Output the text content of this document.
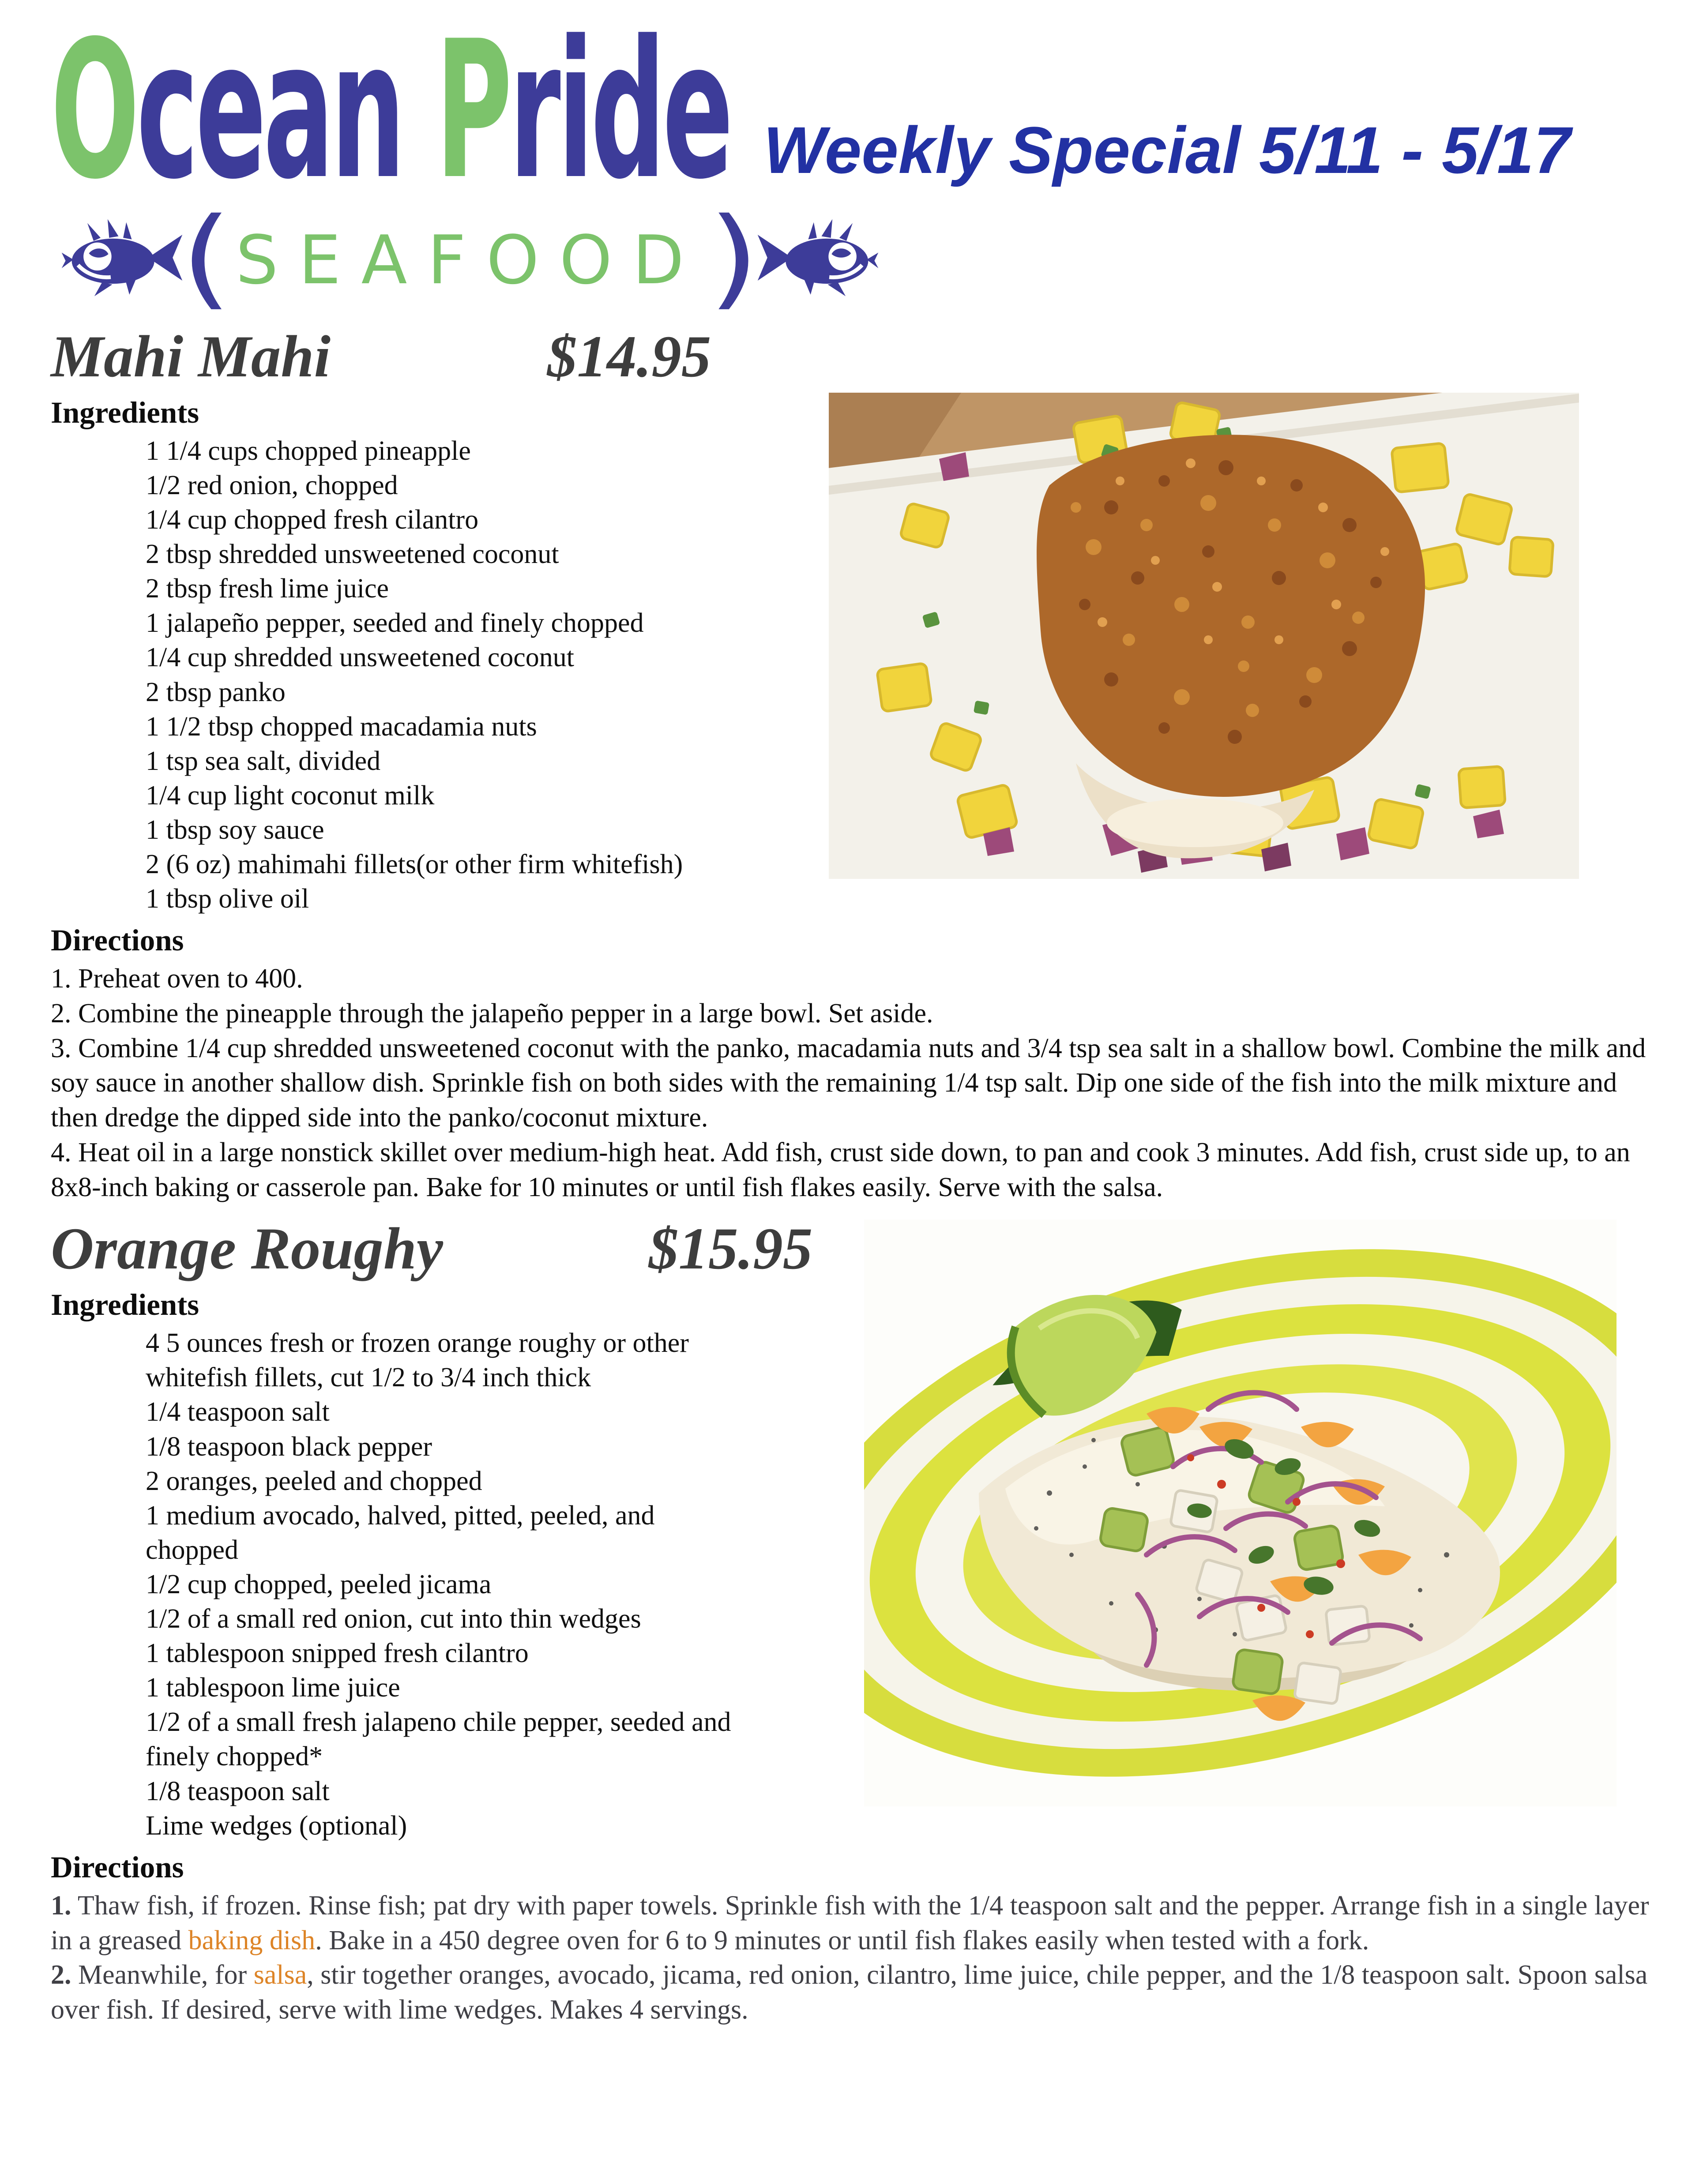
Ocean Pride
( SEAFOOD )
Weekly Special 5/11 - 5/17
Mahi Mahi	$14.95
Ingredients
1 1/4 cups chopped pineapple
1/2 red onion, chopped
1/4 cup chopped fresh cilantro
2 tbsp shredded unsweetened coconut
2 tbsp fresh lime juice
1 jalapeño pepper, seeded and finely chopped
1/4 cup shredded unsweetened coconut
2 tbsp panko
1 1/2 tbsp chopped macadamia nuts
1 tsp sea salt, divided
1/4 cup light coconut milk
1 tbsp soy sauce
2 (6 oz) mahimahi fillets(or other firm whitefish)
1 tbsp olive oil
Directions

1. Preheat oven to 400.

2. Combine the pineapple through the jalapeño pepper in a large bowl. Set aside.

3. Combine 1/4 cup shredded unsweetened coconut with the panko, macadamia nuts and 3/4 tsp sea salt in a shallow bowl. Combine the milk and soy sauce in another shallow dish. Sprinkle fish on both sides with the remaining 1/4 tsp salt. Dip one side of the fish into the milk mixture and then dredge the dipped side into the panko/coconut mixture.

4. Heat oil in a large nonstick skillet over medium-high heat. Add fish, crust side down, to pan and cook 3 minutes. Add fish, crust side up, to an 8x8-inch baking or casserole pan. Bake for 10 minutes or until fish flakes easily. Serve with the salsa.

Orange Roughy	$15.95
Ingredients
4 5 ounces fresh or frozen orange roughy or other whitefish fillets, cut 1/2 to 3/4 inch thick
1/4 teaspoon salt
1/8 teaspoon black pepper
2 oranges, peeled and chopped
1 medium avocado, halved, pitted, peeled, and chopped
1/2 cup chopped, peeled jicama
1/2 of a small red onion, cut into thin wedges
1 tablespoon snipped fresh cilantro
1 tablespoon lime juice
1/2 of a small fresh jalapeno chile pepper, seeded and finely chopped*
1/8 teaspoon salt
Lime wedges (optional)
Directions

1. Thaw fish, if frozen. Rinse fish; pat dry with paper towels. Sprinkle fish with the 1/4 teaspoon salt and the pepper. Arrange fish in a single layer in a greased baking dish. Bake in a 450 degree oven for 6 to 9 minutes or until fish flakes easily when tested with a fork.

2. Meanwhile, for salsa, stir together oranges, avocado, jicama, red onion, cilantro, lime juice, chile pepper, and the 1/8 teaspoon salt. Spoon salsa over fish. If desired, serve with lime wedges. Makes 4 servings.
